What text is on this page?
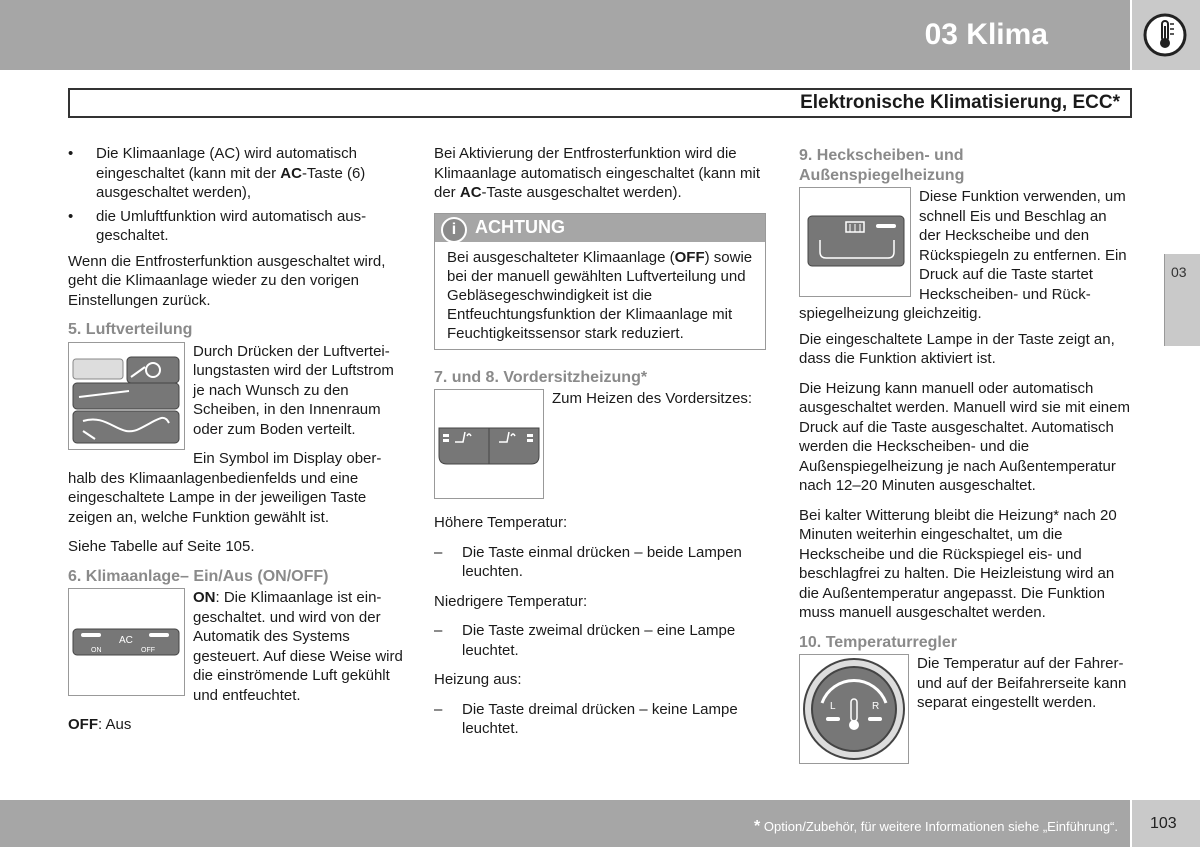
03 Klima
Elektronische Klimatisierung, ECC*
03
• Die Klimaanlage (AC) wird automatisch eingeschaltet (kann mit der AC-Taste (6) ausgeschaltet werden),
• die Umluftfunktion wird automatisch ausgeschaltet.

Wenn die Entfrosterfunktion ausgeschaltet wird, geht die Klimaanlage wieder zu den vorigen Einstellungen zurück.

5. Luftverteilung

Durch Drücken der Luftverteilungstasten wird der Luftstrom je nach Wunsch zu den Scheiben, in den Innenraum oder zum Boden verteilt.

Ein Symbol im Display oberhalb des Klimaanlagenbedienfelds und eine eingeschaltete Lampe in der jeweiligen Taste zeigen an, welche Funktion gewählt ist.

Siehe Tabelle auf Seite 105.

6. Klimaanlage– Ein/Aus (ON/OFF)
AC
ON	OFF

ON: Die Klimaanlage ist eingeschaltet. und wird von der Automatik des Systems gesteuert. Auf diese Weise wird die einströmende Luft gekühlt und entfeuchtet.

OFF: Aus

Bei Aktivierung der Entfrosterfunktion wird die Klimaanlage automatisch eingeschaltet (kann mit der AC-Taste ausgeschaltet werden).

i	ACHTUNG
Bei ausgeschalteter Klimaanlage (OFF) sowie bei der manuell gewählten Luftverteilung und Gebläsegeschwindigkeit ist die Entfeuchtungsfunktion der Klimaanlage mit Feuchtigkeitssensor stark reduziert.
7. und 8. Vordersitzheizung*

Zum Heizen des Vordersitzes:

Höhere Temperatur:

– Die Taste einmal drücken – beide Lampen leuchten.

Niedrigere Temperatur:

– Die Taste zweimal drücken – eine Lampe leuchtet.

Heizung aus:

– Die Taste dreimal drücken – keine Lampe leuchtet.
9. Heckscheiben- und Außenspiegelheizung

Diese Funktion verwenden, um schnell Eis und Beschlag an der Heckscheibe und den Rückspiegeln zu entfernen. Ein Druck auf die Taste startet Heckscheiben- und Rückspiegelheizung gleichzeitig.

Die eingeschaltete Lampe in der Taste zeigt an, dass die Funktion aktiviert ist.

Die Heizung kann manuell oder automatisch ausgeschaltet werden. Manuell wird sie mit einem Druck auf die Taste ausgeschaltet. Automatisch werden die Heckscheiben- und die Außenspiegelheizung je nach Außentemperatur nach 12–20 Minuten ausgeschaltet.

Bei kalter Witterung bleibt die Heizung* nach 20 Minuten weiterhin eingeschaltet, um die Heckscheibe und die Rückspiegel eis- und beschlagfrei zu halten. Die Heizleistung wird an die Außentemperatur angepasst. Die Funktion muss manuell ausgeschaltet werden.

10. Temperaturregler
L	R

Die Temperatur auf der Fahrer- und auf der Beifahrerseite kann separat eingestellt werden.

* Option/Zubehör, für weitere Informationen siehe „Einführung“. 103
